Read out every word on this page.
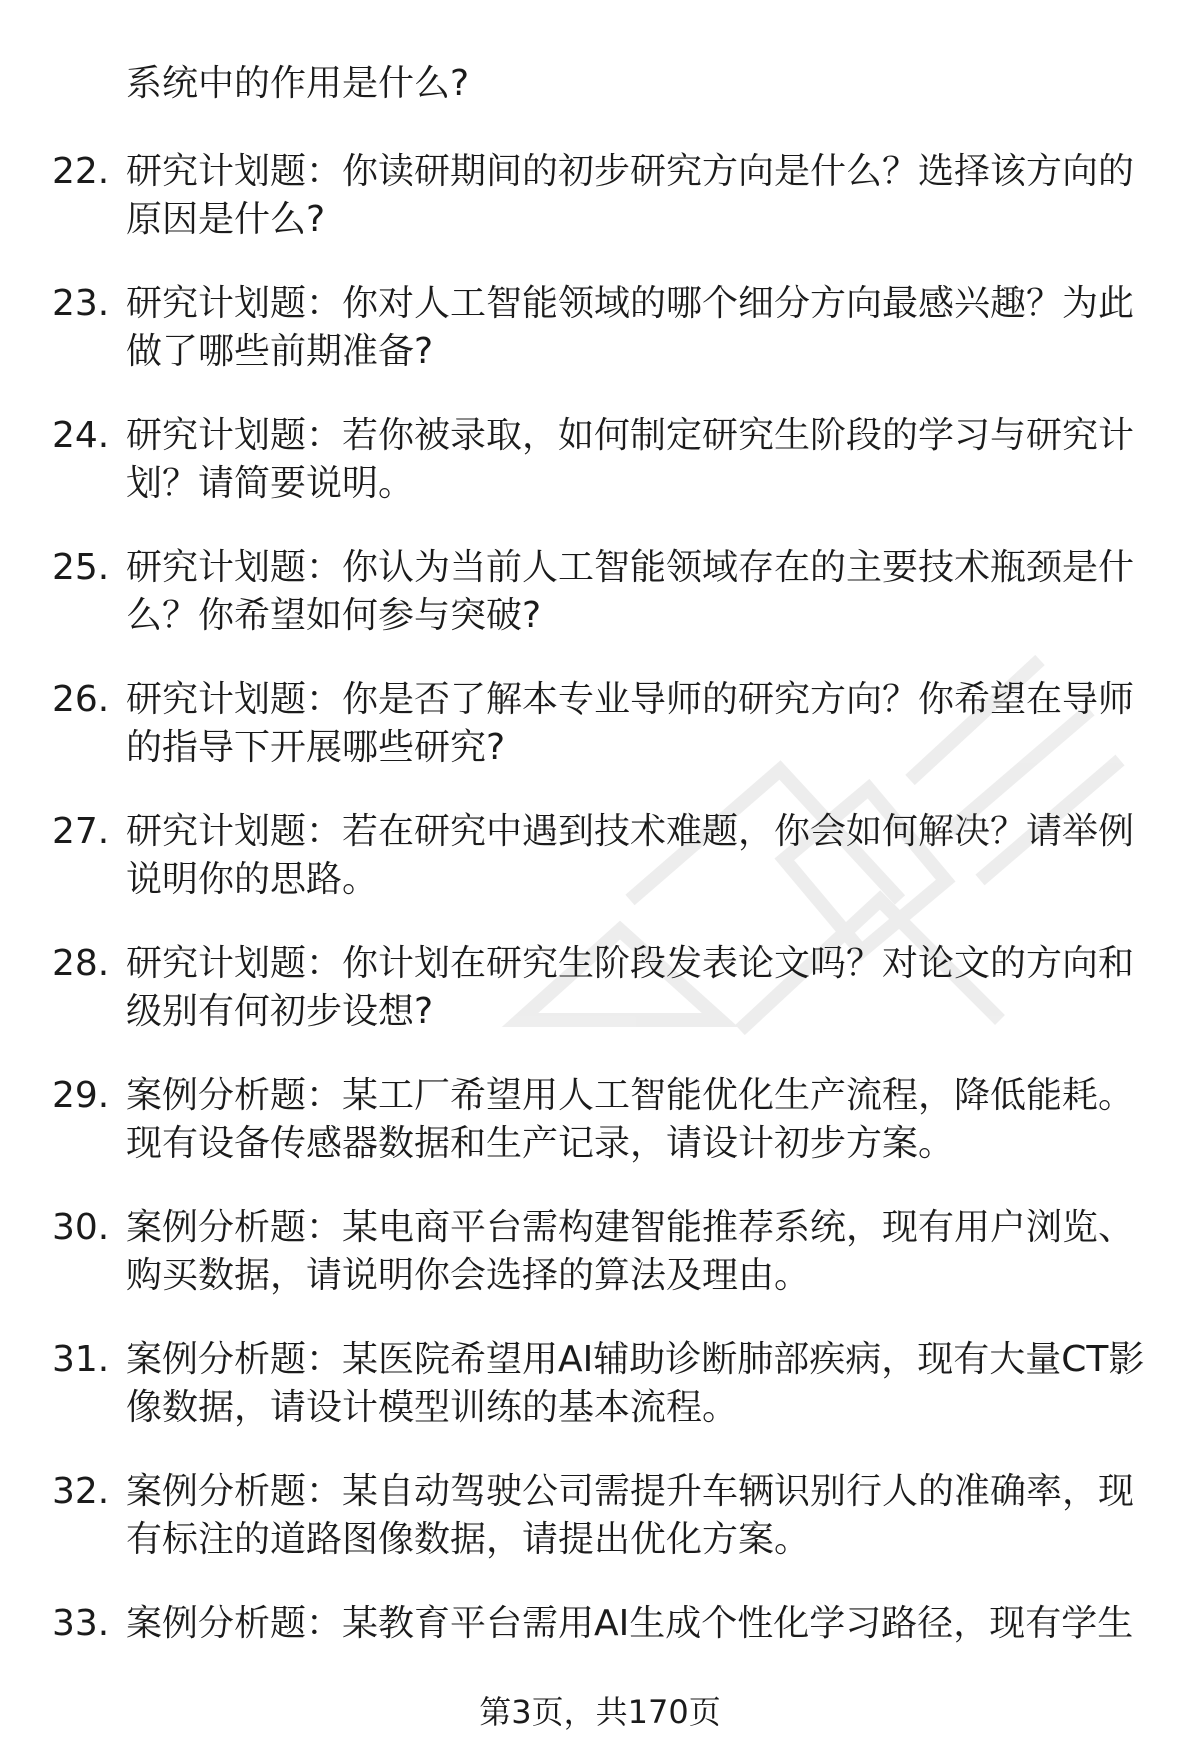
系统中的作用是什么?
22. 研究计划题：你读研期间的初步研究方向是什么？选择该方向的
原因是什么?
23. 研究计划题：你对人工智能领域的哪个细分方向最感兴趣？为此
做了哪些前期准备?
24. 研究计划题：若你被录取，如何制定研究生阶段的学习与研究计
划？请简要说明。
25. 研究计划题：你认为当前人工智能领域存在的主要技术瓶颈是什
么？你希望如何参与突破?
26. 研究计划题：你是否了解本专业导师的研究方向？你希望在导师
的指导下开展哪些研究?
27. 研究计划题：若在研究中遇到技术难题，你会如何解决？请举例
说明你的思路。
28. 研究计划题：你计划在研究生阶段发表论文吗？对论文的方向和
级别有何初步设想?
29. 案例分析题：某工厂希望用人工智能优化生产流程，降低能耗。
现有设备传感器数据和生产记录，请设计初步方案。
30. 案例分析题：某电商平台需构建智能推荐系统，现有用户浏览、
购买数据，请说明你会选择的算法及理由。
31. 案例分析题：某医院希望用AI辅助诊断肺部疾病，现有大量CT影
像数据，请设计模型训练的基本流程。
32. 案例分析题：某自动驾驶公司需提升车辆识别行人的准确率，现
有标注的道路图像数据，请提出优化方案。
33. 案例分析题：某教育平台需用AI生成个性化学习路径，现有学生
第3页，共170页
